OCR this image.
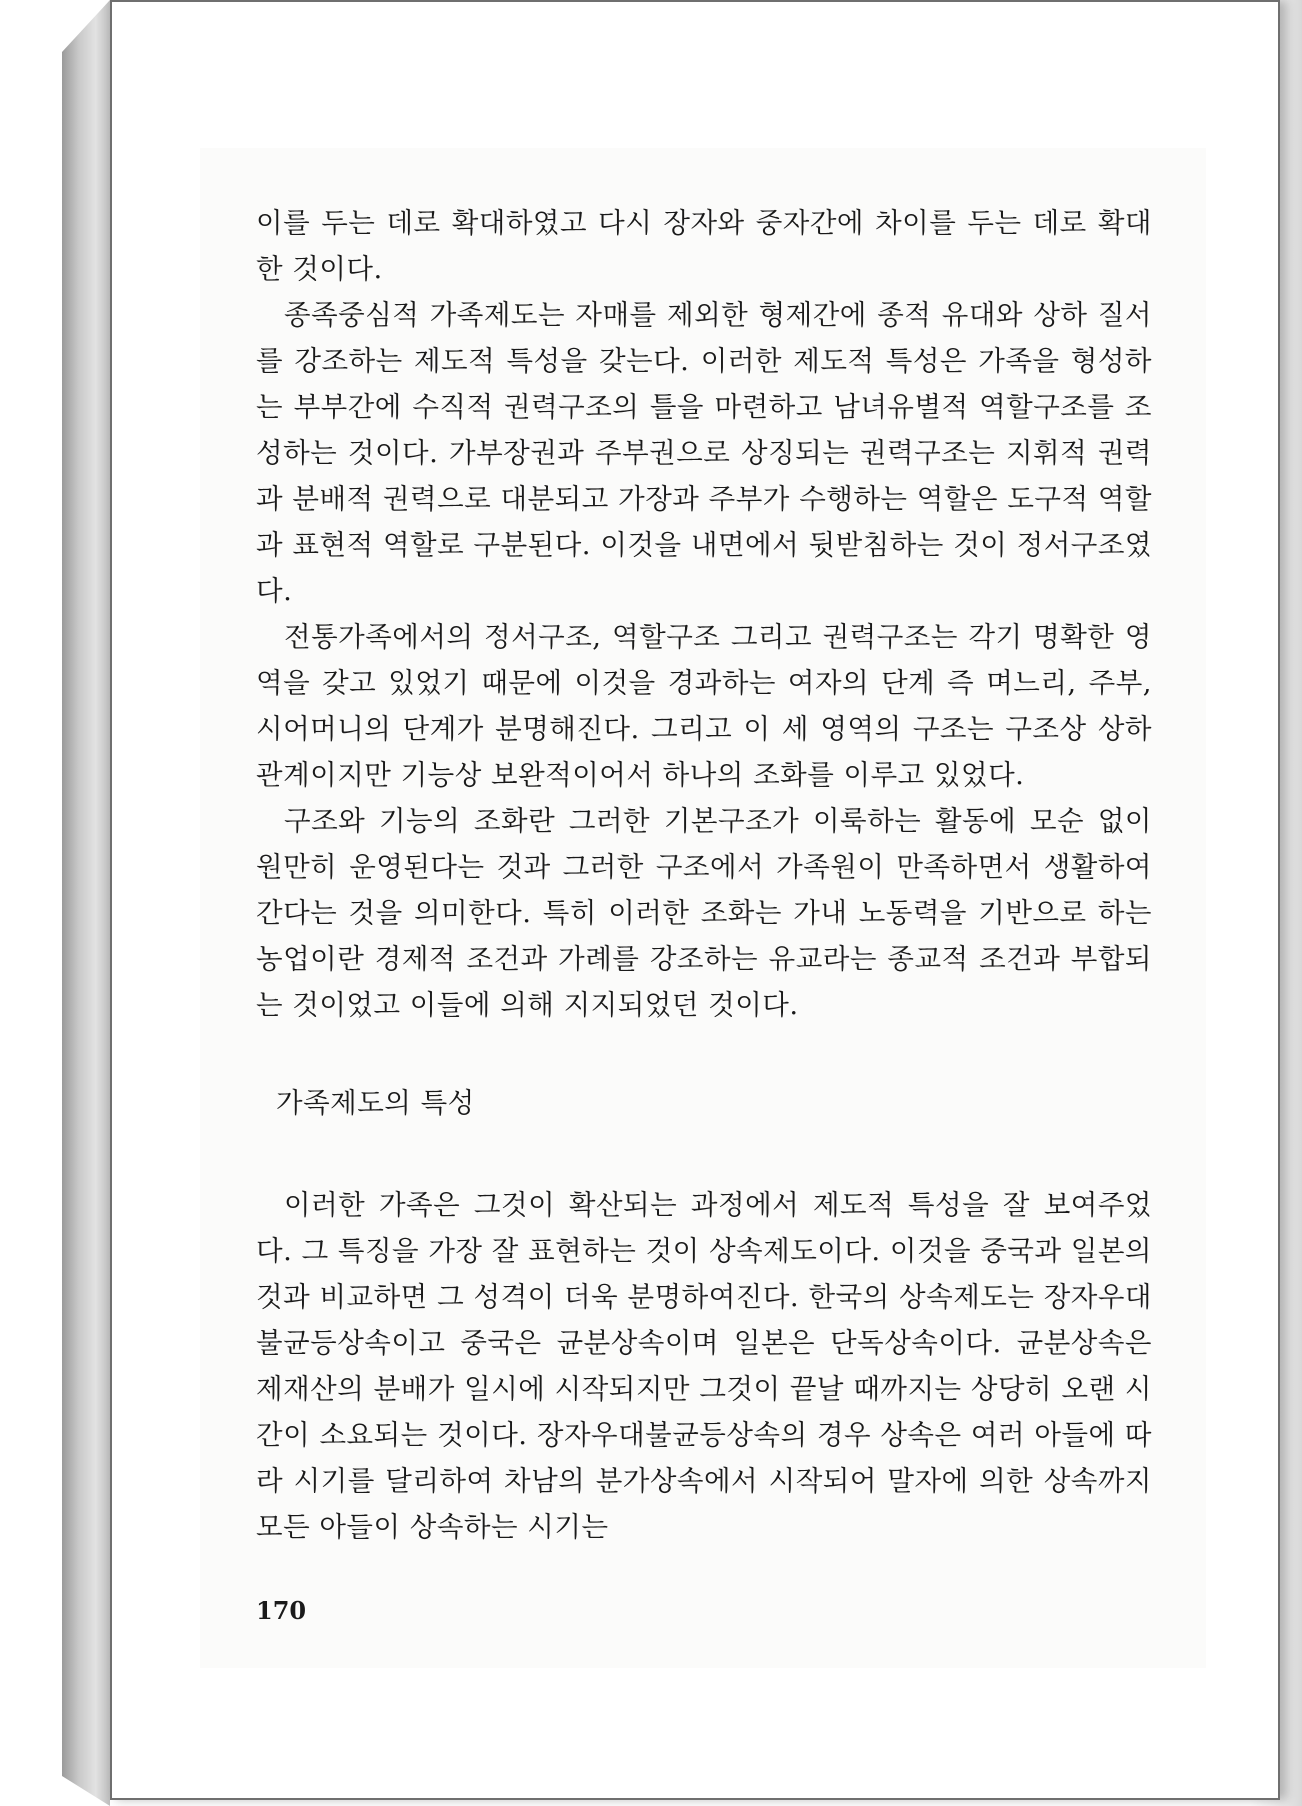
이를 두는 데로 확대하였고 다시 장자와 중자간에 차이를 두는 데로 확대한 것이다.

종족중심적 가족제도는 자매를 제외한 형제간에 종적 유대와 상하 질서를 강조하는 제도적 특성을 갖는다. 이러한 제도적 특성은 가족을 형성하는 부부간에 수직적 권력구조의 틀을 마련하고 남녀유별적 역할구조를 조성하는 것이다. 가부장권과 주부권으로 상징되는 권력구조는 지휘적 권력과 분배적 권력으로 대분되고 가장과 주부가 수행하는 역할은 도구적 역할과 표현적 역할로 구분된다. 이것을 내면에서 뒷받침하는 것이 정서구조였다.

전통가족에서의 정서구조, 역할구조 그리고 권력구조는 각기 명확한 영역을 갖고 있었기 때문에 이것을 경과하는 여자의 단계 즉 며느리, 주부, 시어머니의 단계가 분명해진다. 그리고 이 세 영역의 구조는 구조상 상하관계이지만 기능상 보완적이어서 하나의 조화를 이루고 있었다.

구조와 기능의 조화란 그러한 기본구조가 이룩하는 활동에 모순 없이 원만히 운영된다는 것과 그러한 구조에서 가족원이 만족하면서 생활하여 간다는 것을 의미한다. 특히 이러한 조화는 가내 노동력을 기반으로 하는 농업이란 경제적 조건과 가례를 강조하는 유교라는 종교적 조건과 부합되는 것이었고 이들에 의해 지지되었던 것이다.

가족제도의 특성

이러한 가족은 그것이 확산되는 과정에서 제도적 특성을 잘 보여주었다. 그 특징을 가장 잘 표현하는 것이 상속제도이다. 이것을 중국과 일본의 것과 비교하면 그 성격이 더욱 분명하여진다. 한국의 상속제도는 장자우대불균등상속이고 중국은 균분상속이며 일본은 단독상속이다. 균분상속은 제재산의 분배가 일시에 시작되지만 그것이 끝날 때까지는 상당히 오랜 시간이 소요되는 것이다. 장자우대불균등상속의 경우 상속은 여러 아들에 따라 시기를 달리하여 차남의 분가상속에서 시작되어 말자에 의한 상속까지 모든 아들이 상속하는 시기는

170
